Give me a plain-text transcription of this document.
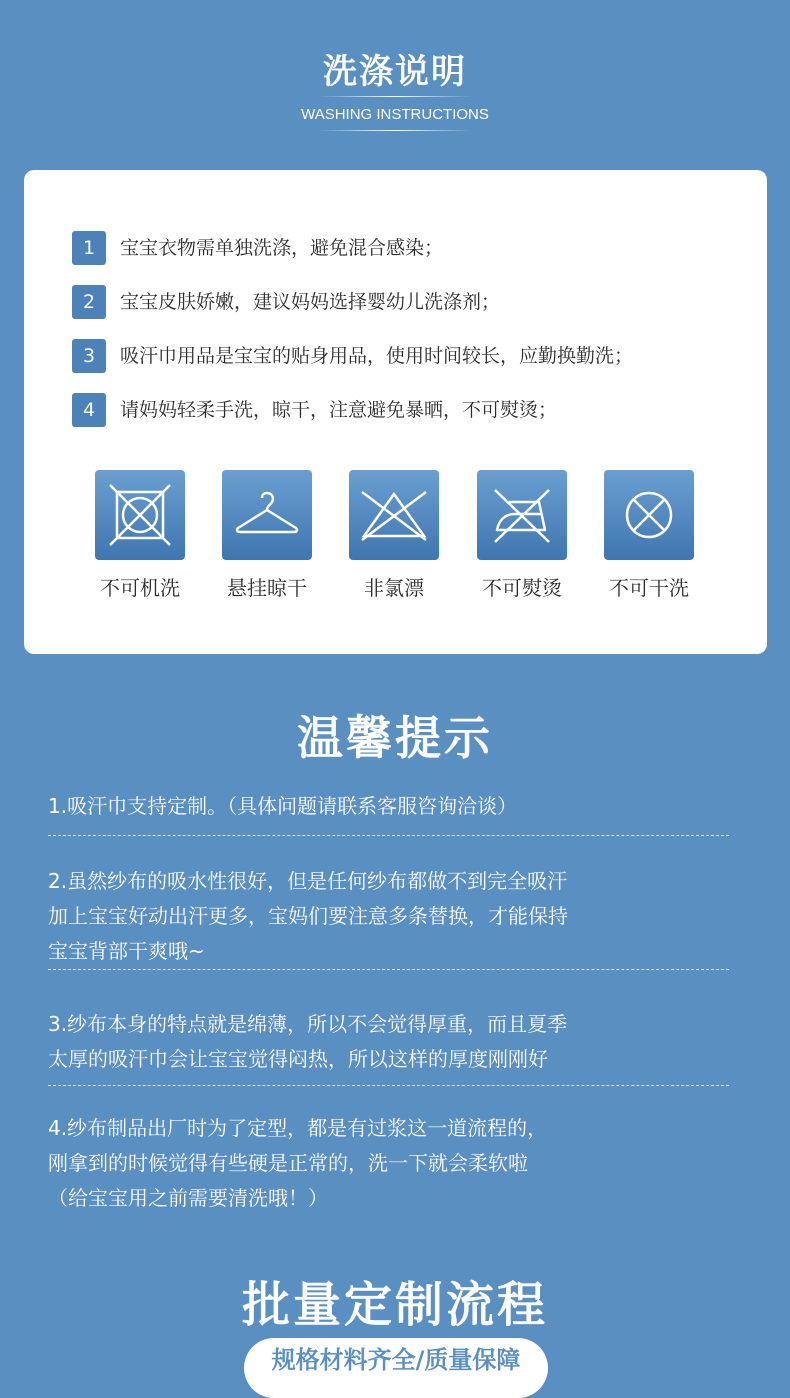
洗涤说明
WASHING INSTRUCTIONS
1	宝宝衣物需单独洗涤，避免混合感染；
2	宝宝皮肤娇嫩，建议妈妈选择婴幼儿洗涤剂；
3	吸汗巾用品是宝宝的贴身用品，使用时间较长，应勤换勤洗；
4	请妈妈轻柔手洗，晾干，注意避免暴晒，不可熨烫；
不可机洗	悬挂晾干	非氯漂	不可熨烫	不可干洗
温馨提示
1.吸汗巾支持定制。（具体问题请联系客服咨询洽谈）
2.虽然纱布的吸水性很好，但是任何纱布都做不到完全吸汗
加上宝宝好动出汗更多，宝妈们要注意多条替换，才能保持
宝宝背部干爽哦~
3.纱布本身的特点就是绵薄，所以不会觉得厚重，而且夏季
太厚的吸汗巾会让宝宝觉得闷热，所以这样的厚度刚刚好
4.纱布制品出厂时为了定型，都是有过浆这一道流程的，
刚拿到的时候觉得有些硬是正常的，洗一下就会柔软啦
（给宝宝用之前需要清洗哦！）
批量定制流程
规格材料齐全/质量保障
